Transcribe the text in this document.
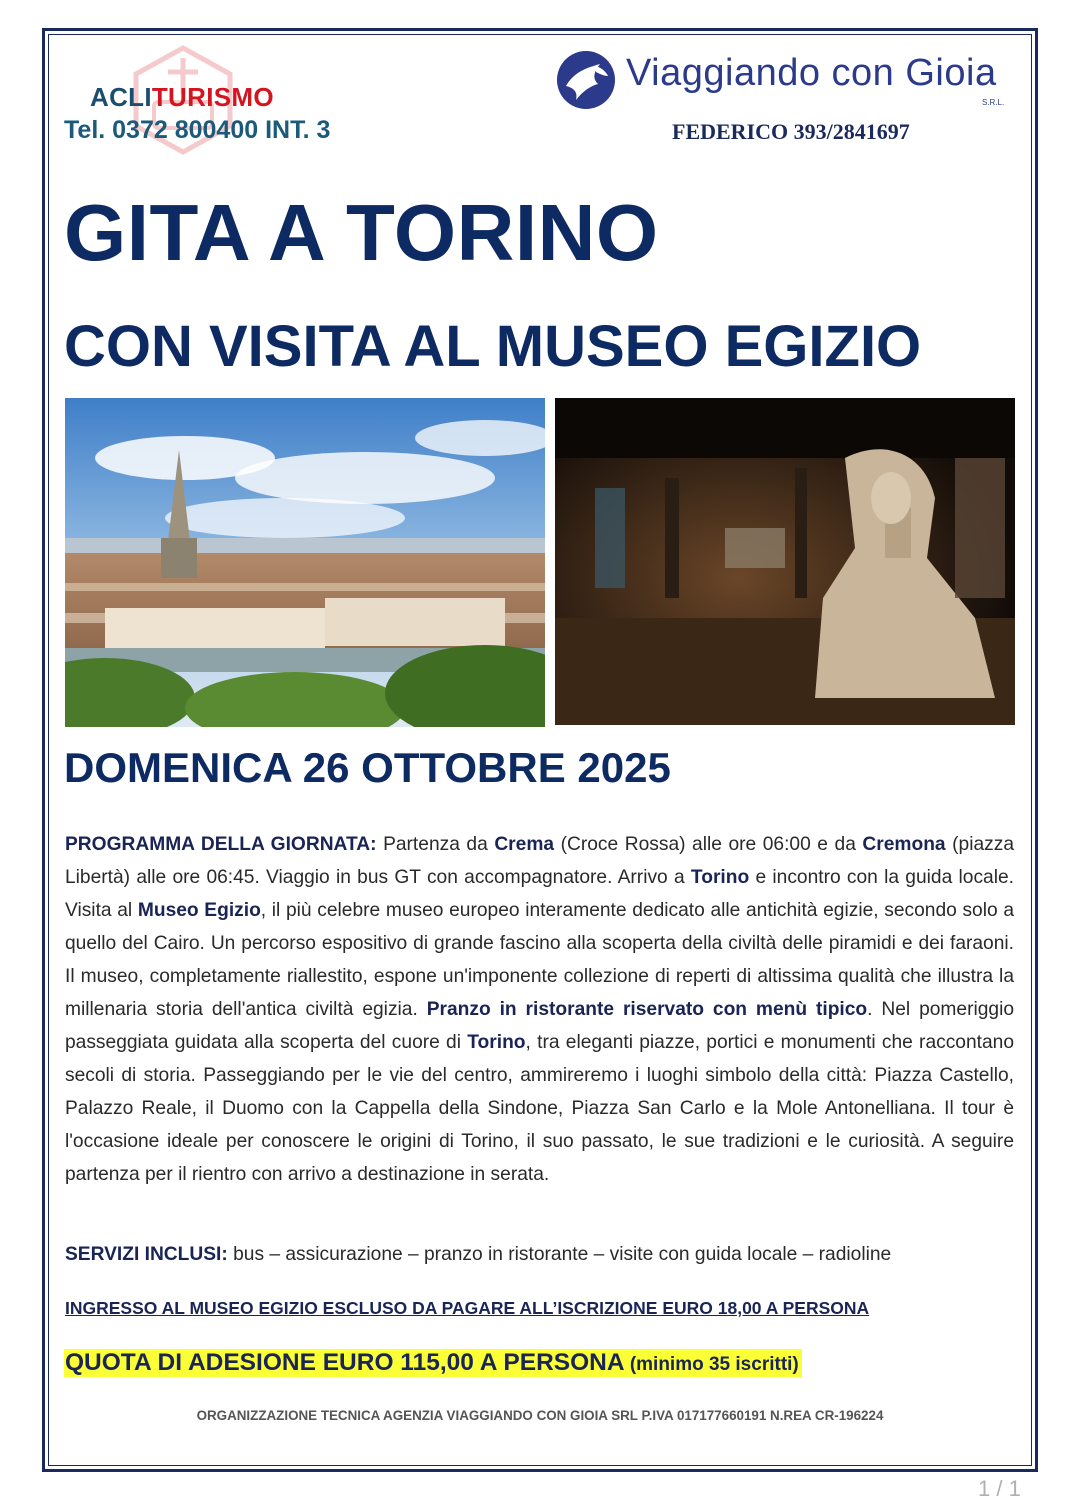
ACLITURISMO
Tel. 0372 800400 INT. 3
Viaggiando con Gioia
S.R.L.
FEDERICO 393/2841697
GITA A TORINO
CON VISITA AL MUSEO EGIZIO
DOMENICA 26 OTTOBRE 2025
PROGRAMMA DELLA GIORNATA: Partenza da Crema (Croce Rossa) alle ore 06:00 e da Cremona (piazza Libertà) alle ore 06:45. Viaggio in bus GT con accompagnatore. Arrivo a Torino e incontro con la guida locale. Visita al Museo Egizio, il più celebre museo europeo interamente dedicato alle antichità egizie, secondo solo a quello del Cairo. Un percorso espositivo di grande fascino alla scoperta della civiltà delle piramidi e dei faraoni. Il museo, completamente riallestito, espone un'imponente collezione di reperti di altissima qualità che illustra la millenaria storia dell'antica civiltà egizia. Pranzo in ristorante riservato con menù tipico. Nel pomeriggio passeggiata guidata alla scoperta del cuore di Torino, tra eleganti piazze, portici e monumenti che raccontano secoli di storia. Passeggiando per le vie del centro, ammireremo i luoghi simbolo della città: Piazza Castello, Palazzo Reale, il Duomo con la Cappella della Sindone, Piazza San Carlo e la Mole Antonelliana. Il tour è l'occasione ideale per conoscere le origini di Torino, il suo passato, le sue tradizioni e le curiosità. A seguire partenza per il rientro con arrivo a destinazione in serata.
SERVIZI INCLUSI: bus – assicurazione – pranzo in ristorante – visite con guida locale – radioline
INGRESSO AL MUSEO EGIZIO ESCLUSO DA PAGARE ALL’ISCRIZIONE EURO 18,00 A PERSONA
QUOTA DI ADESIONE EURO 115,00 A PERSONA (minimo 35 iscritti)
ORGANIZZAZIONE TECNICA AGENZIA VIAGGIANDO CON GIOIA SRL P.IVA 017177660191 N.REA CR-196224
1 / 1
